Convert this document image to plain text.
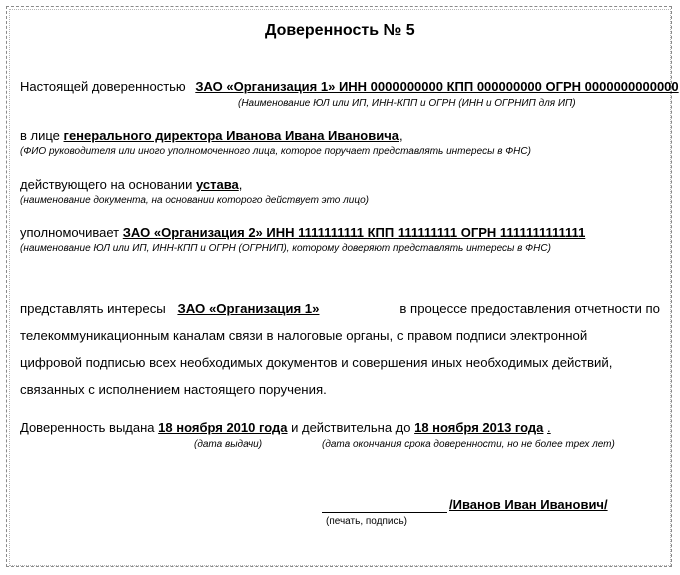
Доверенность № 5
Настоящей доверенностью ЗАО «Организация 1» ИНН 0000000000 КПП 000000000 ОГРН 0000000000000
(Наименование ЮЛ или ИП, ИНН-КПП и ОГРН (ИНН и ОГРНИП для ИП)
в лице генерального директора Иванова Ивана Ивановича,
(ФИО руководителя или иного уполномоченного лица, которое поручает представлять интересы в ФНС)
действующего на основании устава,
(наименование документа, на основании которого действует это лицо)
уполномочивает ЗАО «Организация 2» ИНН 1111111111 КПП 111111111 ОГРН 1111111111111
(наименование ЮЛ или ИП, ИНН-КПП и ОГРН (ОГРНИП), которому доверяют представлять интересы в ФНС)
представлять интересы ЗАО «Организация 1»	в процессе предоставления отчетности по
телекоммуникационным каналам связи в налоговые органы, с правом подписи электронной
цифровой подписью всех необходимых документов и совершения иных необходимых действий,
связанных с исполнением настоящего поручения.
Доверенность выдана 18 ноября 2010 года и действительна до 18 ноября 2013 года .
(дата выдачи)	(дата окончания срока доверенности, но не более трех лет)
/Иванов Иван Иванович/
(печать, подпись)
